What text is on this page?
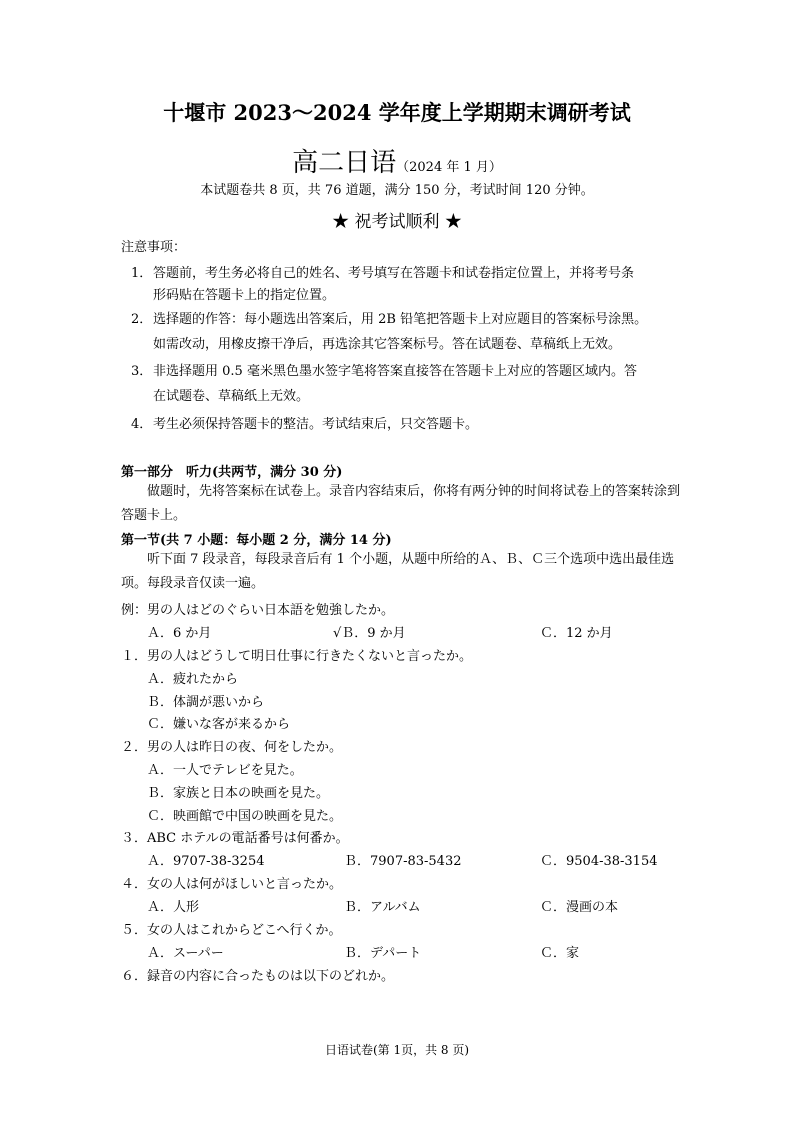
十堰市 2023～2024 学年度上学期期末调研考试
高二日语（2024 年 1 月）
本试题卷共 8 页，共 76 道题，满分 150 分，考试时间 120 分钟。
★ 祝考试顺利 ★
注意事项：
1． 答题前，考生务必将自己的姓名、考号填写在答题卡和试卷指定位置上，并将考号条
形码贴在答题卡上的指定位置。
2． 选择题的作答：每小题选出答案后，用 2B 铅笔把答题卡上对应题目的答案标号涂黑。
如需改动，用橡皮擦干净后，再选涂其它答案标号。答在试题卷、草稿纸上无效。
3． 非选择题用 0.5 毫米黑色墨水签字笔将答案直接答在答题卡上对应的答题区域内。答
在试题卷、草稿纸上无效。
4． 考生必须保持答题卡的整洁。考试结束后，只交答题卡。
第一部分　听力(共两节，满分 30 分)
做题时，先将答案标在试卷上。录音内容结束后，你将有两分钟的时间将试卷上的答案转涂到答题卡上。
第一节(共 7 小题：每小题 2 分，满分 14 分)
听下面 7 段录音，每段录音后有 1 个小题，从题中所给的Ａ、Ｂ、Ｃ三个选项中选出最佳选项。每段录音仅读一遍。
例：男の人はどのぐらい日本語を勉強したか。
Ａ．6 か月	√Ｂ．9 か月	Ｃ．12 か月
１．男の人はどうして明日仕事に行きたくないと言ったか。
Ａ．疲れたから
Ｂ．体調が悪いから
Ｃ．嫌いな客が来るから
２．男の人は昨日の夜、何をしたか。
Ａ．一人でテレビを見た。
Ｂ．家族と日本の映画を見た。
Ｃ．映画館で中国の映画を見た。
３．ABC ホテルの電話番号は何番か。
Ａ．9707-38-3254	Ｂ．7907-83-5432	Ｃ．9504-38-3154
４．女の人は何がほしいと言ったか。
Ａ．人形	Ｂ．アルバム	Ｃ．漫画の本
５．女の人はこれからどこへ行くか。
Ａ．スーパー	Ｂ．デパート	Ｃ．家
６．録音の内容に合ったものは以下のどれか。
日语试卷(第 1页，共 8 页)
